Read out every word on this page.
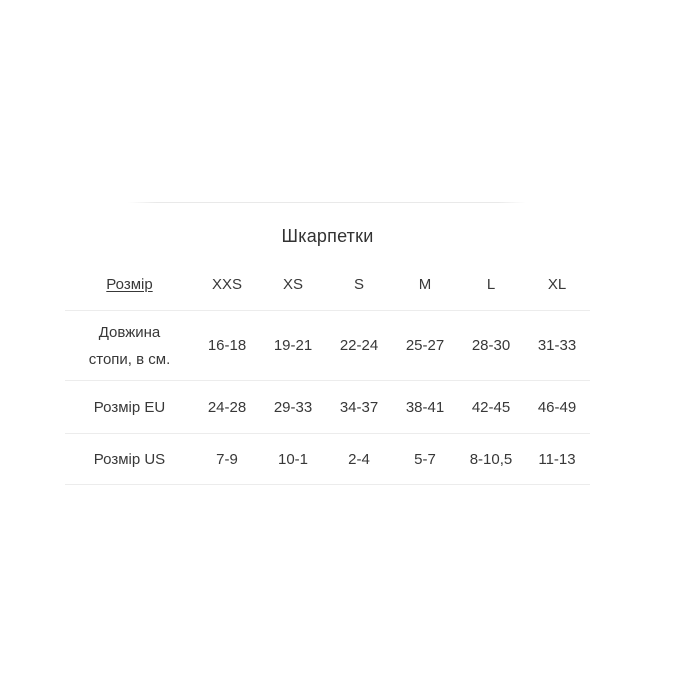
Шкарпетки
Розмір	XXS	XS	S	M	L	XL
Довжина стопи, в см.	16-18	19-21	22-24	25-27	28-30	31-33
Розмір EU	24-28	29-33	34-37	38-41	42-45	46-49
Розмір US	7-9	10-1	2-4	5-7	8-10,5	11-13
